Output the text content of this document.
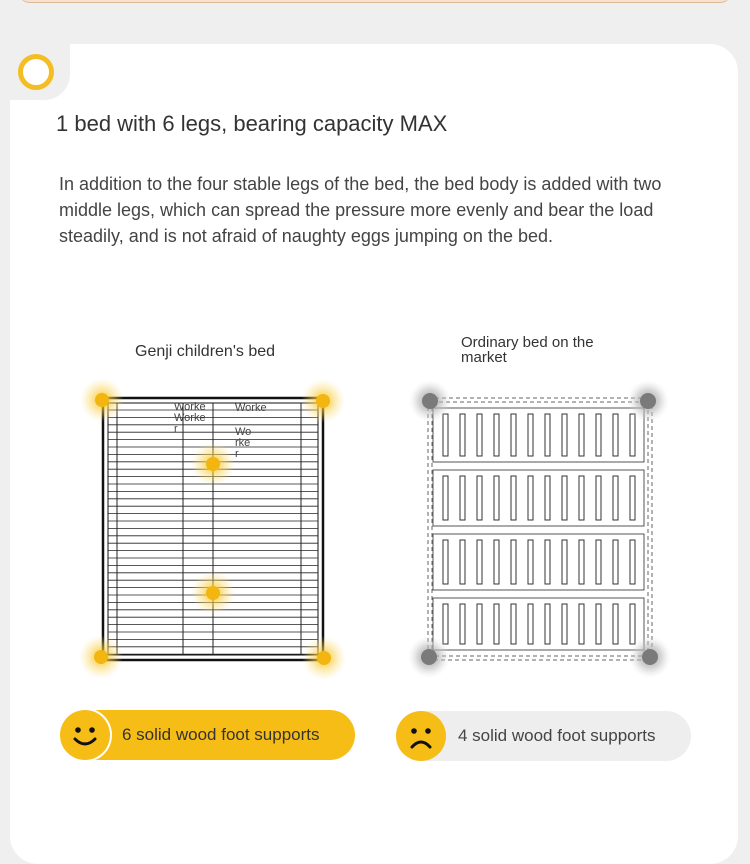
1 bed with 6 legs, bearing capacity MAX

In addition to the four stable legs of the bed, the bed body is added with two middle legs, which can spread the pressure more evenly and bear the load steadily, and is not afraid of naughty eggs jumping on the bed.

Genji children's bed
Ordinary bed on the market
Worke
Worke
r
Worke
Wo
rke
r
6 solid wood foot supports	4 solid wood foot supports
